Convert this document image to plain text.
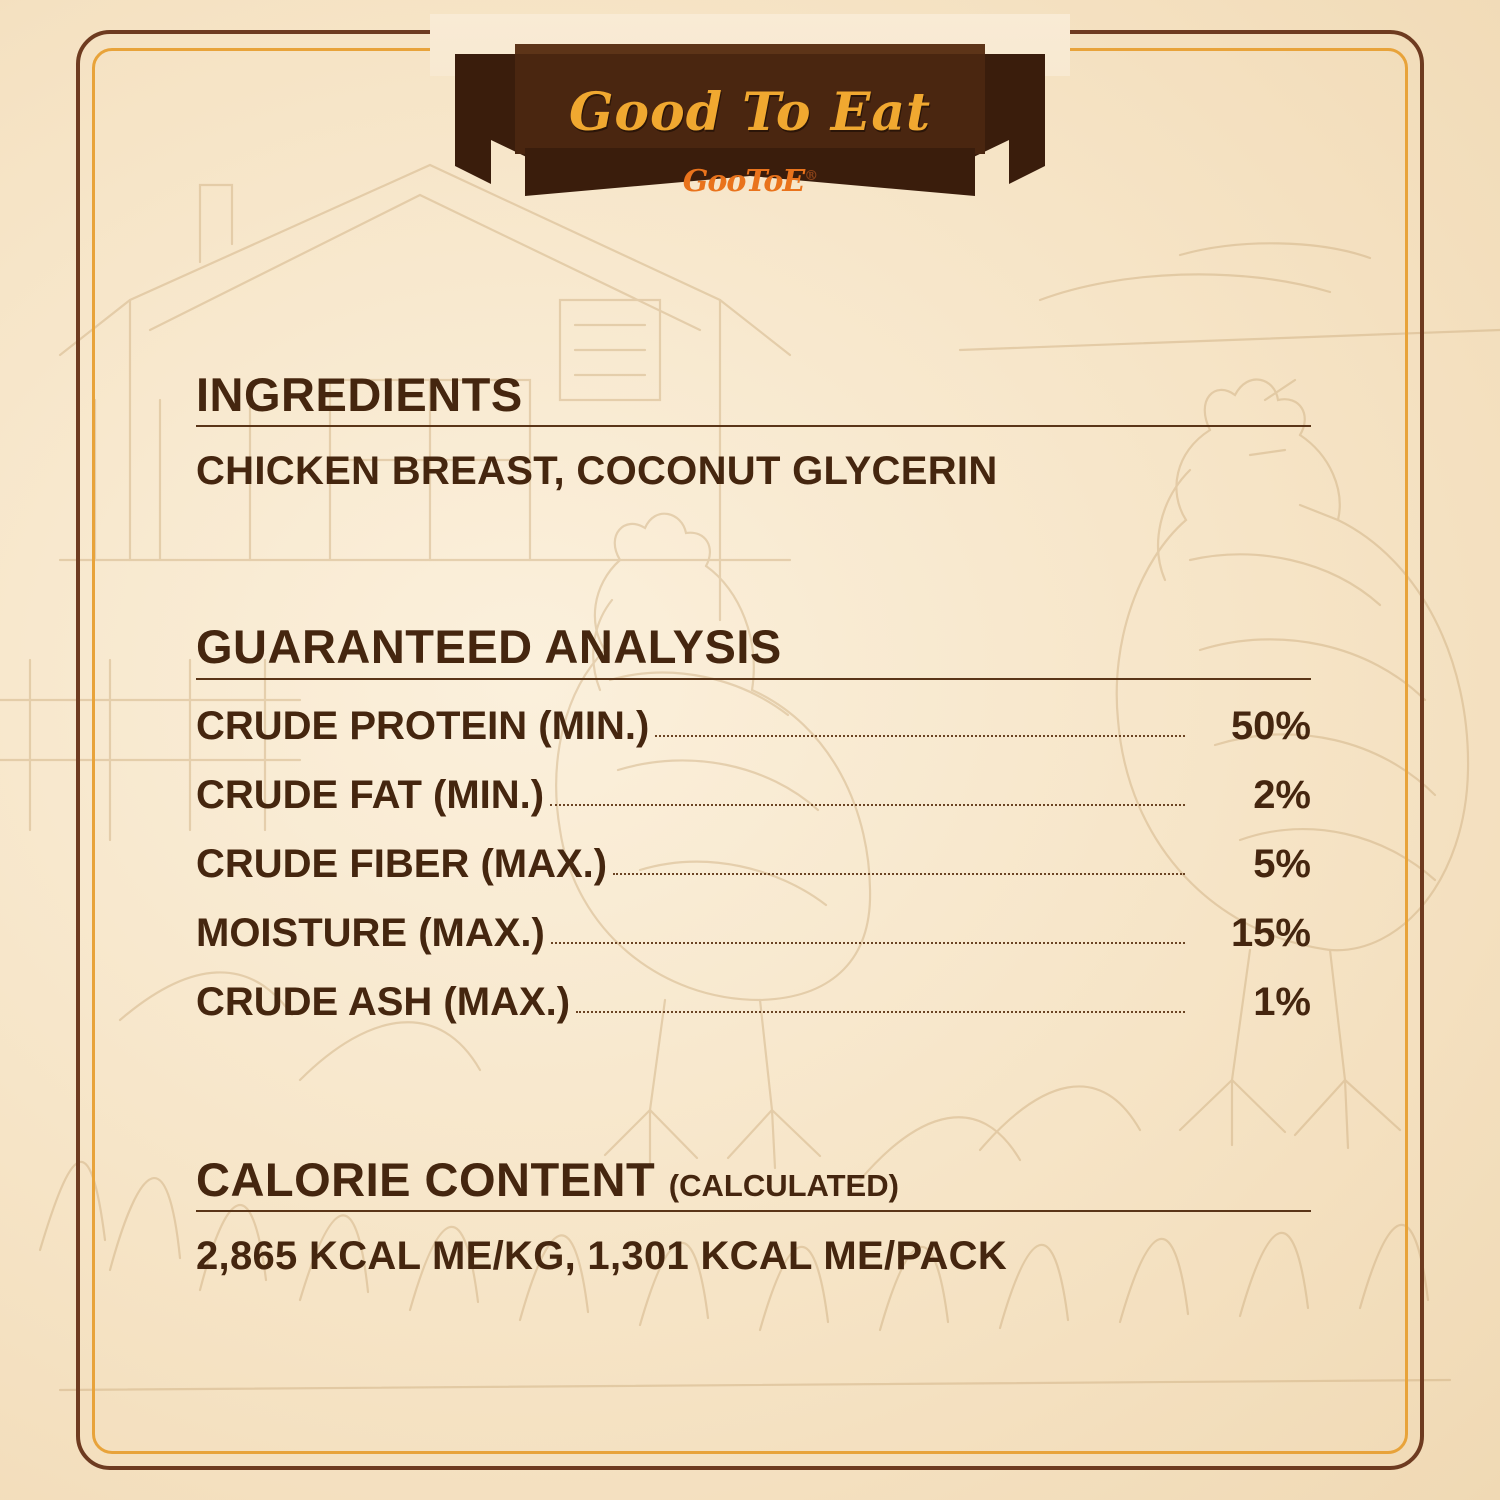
Good To Eat
GooToE®
INGREDIENTS
CHICKEN BREAST, COCONUT GLYCERIN
GUARANTEED ANALYSIS
CRUDE PROTEIN (MIN.)	50%
CRUDE FAT (MIN.)	2%
CRUDE FIBER (MAX.)	5%
MOISTURE (MAX.)	15%
CRUDE ASH (MAX.)	1%
CALORIE CONTENT (CALCULATED)
2,865 KCAL ME/KG, 1,301 KCAL ME/PACK
